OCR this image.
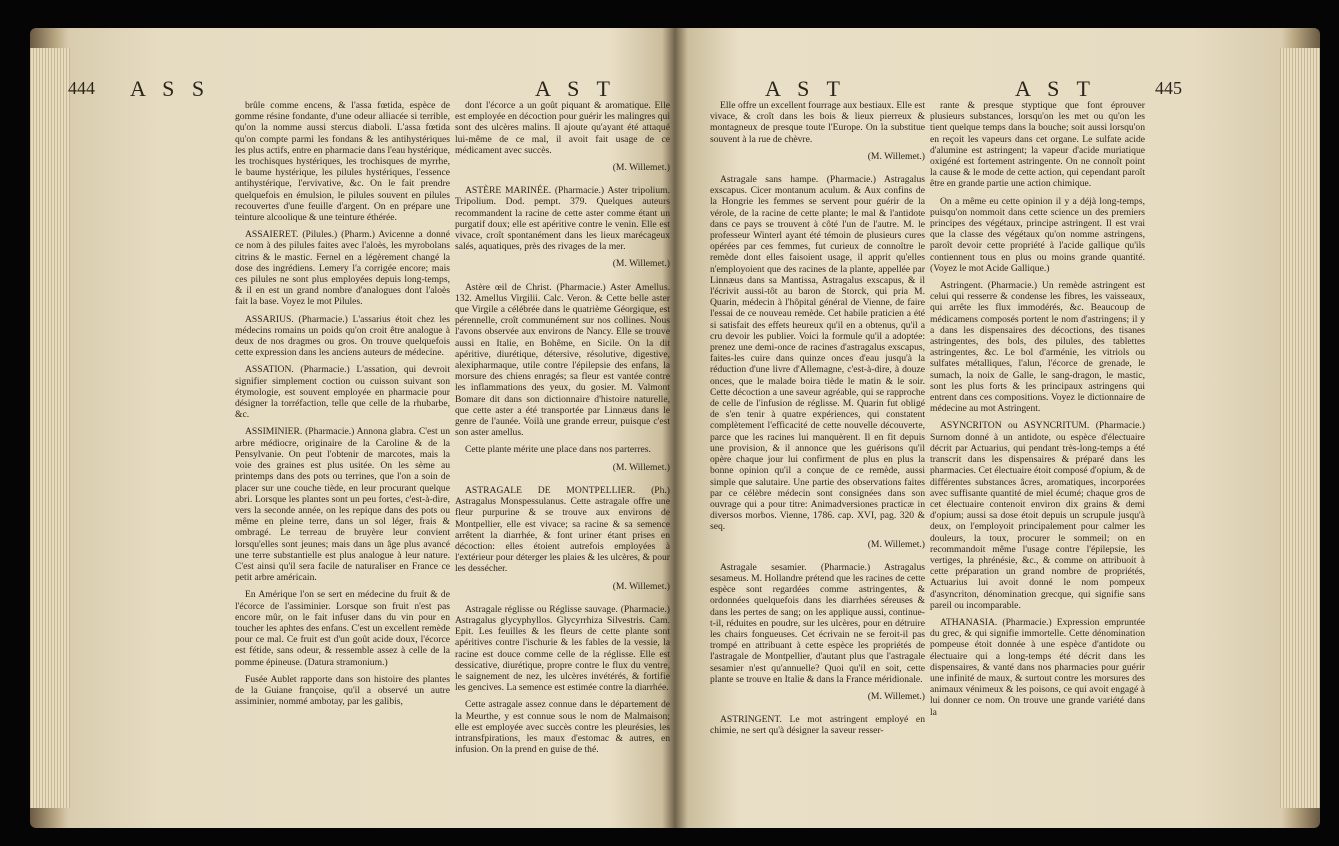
444 A S S	A S T

brûle comme encens, & l'assa fœtida, espèce de gomme résine fondante, d'une odeur alliacée si terrible, qu'on la nomme aussi stercus diaboli. L'assa fœtida qu'on compte parmi les fondans & les antihystériques les plus actifs, entre en pharmacie dans l'eau hystérique, les trochisques hystériques, les trochisques de myrrhe, le baume hystérique, les pilules hystériques, l'essence antihystérique, l'ervivative, &c. On le fait prendre quelquefois en émulsion, le pilules souvent en pilules recouvertes d'une feuille d'argent. On en prépare une teinture alcoolique & une teinture éthérée.

ASSAIERET. (Pilules.) (Pharm.) Avicenne a donné ce nom à des pilules faites avec l'aloès, les myrobolans citrins & le mastic. Fernel en a légèrement changé la dose des ingrédiens. Lemery l'a corrigée encore; mais ces pilules ne sont plus employées depuis long-temps, & il en est un grand nombre d'analogues dont l'aloès fait la base. Voyez le mot Pilules.

ASSARIUS. (Pharmacie.) L'assarius étoit chez les médecins romains un poids qu'on croit être analogue à deux de nos dragmes ou gros. On trouve quelquefois cette expression dans les anciens auteurs de médecine.

ASSATION. (Pharmacie.) L'assation, qui devroit signifier simplement coction ou cuisson suivant son étymologie, est souvent employée en pharmacie pour désigner la torréfaction, telle que celle de la rhubarbe, &c.

ASSIMINIER. (Pharmacie.) Annona glabra. C'est un arbre médiocre, originaire de la Caroline & de la Pensylvanie. On peut l'obtenir de marcotes, mais la voie des graines est plus usitée. On les sème au printemps dans des pots ou terrines, que l'on a soin de placer sur une couche tiède, en leur procurant quelque abri. Lorsque les plantes sont un peu fortes, c'est-à-dire, vers la seconde année, on les repique dans des pots ou même en pleine terre, dans un sol léger, frais & ombragé. Le terreau de bruyère leur convient lorsqu'elles sont jeunes; mais dans un âge plus avancé une terre substantielle est plus analogue à leur nature. C'est ainsi qu'il sera facile de naturaliser en France ce petit arbre américain.

En Amérique l'on se sert en médecine du fruit & de l'écorce de l'assiminier. Lorsque son fruit n'est pas encore mûr, on le fait infuser dans du vin pour en toucher les aphtes des enfans. C'est un excellent remède pour ce mal. Ce fruit est d'un goût acide doux, l'écorce est fétide, sans odeur, & ressemble assez à celle de la pomme épineuse. (Datura stramonium.)

Fusée Aublet rapporte dans son histoire des plantes de la Guiane françoise, qu'il a observé un autre assiminier, nommé ambotay, par les galibis,

dont l'écorce a un goût piquant & aromatique. Elle est employée en décoction pour guérir les malingres qui sont des ulcères malins. Il ajoute qu'ayant été attaqué lui-même de ce mal, il avoit fait usage de ce médicament avec succès.

(M. Willemet.)

ASTÈRE MARINÉE. (Pharmacie.) Aster tripolium. Tripolium. Dod. pempt. 379. Quelques auteurs recommandent la racine de cette aster comme étant un purgatif doux; elle est apéritive contre le venin. Elle est vivace, croît spontanément dans les lieux marécageux salés, aquatiques, près des rivages de la mer.

(M. Willemet.)

Astère œil de Christ. (Pharmacie.) Aster Amellus. 132. Amellus Virgilii. Calc. Veron. & Cette belle aster que Virgile a célébrée dans le quatrième Géorgique, est pérennelle, croît communément sur nos collines. Nous l'avons observée aux environs de Nancy. Elle se trouve aussi en Italie, en Bohême, en Sicile. On la dit apéritive, diurétique, détersive, résolutive, digestive, alexipharmaque, utile contre l'épilepsie des enfans, la morsure des chiens enragés; sa fleur est vantée contre les inflammations des yeux, du gosier. M. Valmont Bomare dit dans son dictionnaire d'histoire naturelle, que cette aster a été transportée par Linnæus dans le genre de l'aunée. Voilà une grande erreur, puisque c'est son aster amellus.

Cette plante mérite une place dans nos parterres.

(M. Willemet.)

ASTRAGALE DE MONTPELLIER. (Ph.) Astragalus Monspessulanus. Cette astragale offre une fleur purpurine & se trouve aux environs de Montpellier, elle est vivace; sa racine & sa semence arrêtent la diarrhée, & font uriner étant prises en décoction: elles étoient autrefois employées à l'extérieur pour déterger les plaies & les ulcères, & pour les dessécher.

(M. Willemet.)

Astragale réglisse ou Réglisse sauvage. (Pharmacie.) Astragalus glycyphyllos. Glycyrrhiza Silvestris. Cam. Epit. Les feuilles & les fleurs de cette plante sont apéritives contre l'ischurie & les fables de la vessie, la racine est douce comme celle de la réglisse. Elle est dessicative, diurétique, propre contre le flux du ventre, le saignement de nez, les ulcères invétérés, & fortifie les gencives. La semence est estimée contre la diarrhée.

Cette astragale assez connue dans le département de la Meurthe, y est connue sous le nom de Malmaison; elle est employée avec succès contre les pleurésies, les intransfpirations, les maux d'estomac & autres, en infusion. On la prend en guise de thé.

A S T	A S T	445

Elle offre un excellent fourrage aux bestiaux. Elle est vivace, & croît dans les bois & lieux pierreux & montagneux de presque toute l'Europe. On la substitue souvent à la rue de chèvre.

(M. Willemet.)

Astragale sans hampe. (Pharmacie.) Astragalus exscapus. Cicer montanum aculum. & Aux confins de la Hongrie les femmes se servent pour guérir de la vérole, de la racine de cette plante; le mal & l'antidote dans ce pays se trouvent à côté l'un de l'autre. M. le professeur Winterl ayant été témoin de plusieurs cures opérées par ces femmes, fut curieux de connoître le remède dont elles faisoient usage, il apprit qu'elles n'employoient que des racines de la plante, appellée par Linnæus dans sa Mantissa, Astragalus exscapus, & il l'écrivit aussi-tôt au baron de Storck, qui pria M. Quarin, médecin à l'hôpital général de Vienne, de faire l'essai de ce nouveau remède. Cet habile praticien a été si satisfait des effets heureux qu'il en a obtenus, qu'il a cru devoir les publier. Voici la formule qu'il a adoptée: prenez une demi-once de racines d'astragalus exscapus, faites-les cuire dans quinze onces d'eau jusqu'à la réduction d'une livre d'Allemagne, c'est-à-dire, à douze onces, que le malade boira tiède le matin & le soir. Cette décoction a une saveur agréable, qui se rapproche de celle de l'infusion de réglisse. M. Quarin fut obligé de s'en tenir à quatre expériences, qui constatent complètement l'efficacité de cette nouvelle découverte, parce que les racines lui manquèrent. Il en fit depuis une provision, & il annonce que les guérisons qu'il opère chaque jour lui confirment de plus en plus la bonne opinion qu'il a conçue de ce remède, aussi simple que salutaire. Une partie des observations faites par ce célèbre médecin sont consignées dans son ouvrage qui a pour titre: Animadversiones practicæ in diversos morbos. Vienne, 1786. cap. XVI, pag. 320 & seq.

(M. Willemet.)

Astragale sesamier. (Pharmacie.) Astragalus sesameus. M. Hollandre prétend que les racines de cette espèce sont regardées comme astringentes, & ordonnées quelquefois dans les diarrhées séreuses & dans les pertes de sang; on les applique aussi, continue-t-il, réduites en poudre, sur les ulcères, pour en détruire les chairs fongueuses. Cet écrivain ne se feroit-il pas trompé en attribuant à cette espèce les propriétés de l'astragale de Montpellier, d'autant plus que l'astragale sesamier n'est qu'annuelle? Quoi qu'il en soit, cette plante se trouve en Italie & dans la France méridionale.

(M. Willemet.)

ASTRINGENT. Le mot astringent employé en chimie, ne sert qu'à désigner la saveur resser-

rante & presque styptique que font éprouver plusieurs substances, lorsqu'on les met ou qu'on les tient quelque temps dans la bouche; soit aussi lorsqu'on en reçoit les vapeurs dans cet organe. Le sulfate acide d'alumine est astringent; la vapeur d'acide muriatique oxigéné est fortement astringente. On ne connoît point la cause & le mode de cette action, qui cependant paroît être en grande partie une action chimique.

On a même eu cette opinion il y a déjà long-temps, puisqu'on nommoit dans cette science un des premiers principes des végétaux, principe astringent. Il est vrai que la classe des végétaux qu'on nomme astringens, paroît devoir cette propriété à l'acide gallique qu'ils contiennent tous en plus ou moins grande quantité. (Voyez le mot Acide Gallique.)

Astringent. (Pharmacie.) Un remède astringent est celui qui resserre & condense les fibres, les vaisseaux, qui arrête les flux immodérés, &c. Beaucoup de médicamens composés portent le nom d'astringens; il y a dans les dispensaires des décoctions, des tisanes astringentes, des bols, des pilules, des tablettes astringentes, &c. Le bol d'arménie, les vitriols ou sulfates métalliques, l'alun, l'écorce de grenade, le sumach, la noix de Galle, le sang-dragon, le mastic, sont les plus forts & les principaux astringens qui entrent dans ces compositions. Voyez le dictionnaire de médecine au mot Astringent.

ASYNCRITON ou ASYNCRITUM. (Pharmacie.) Surnom donné à un antidote, ou espèce d'électuaire décrit par Actuarius, qui pendant très-long-temps a été transcrit dans les dispensaires & préparé dans les pharmacies. Cet électuaire étoit composé d'opium, & de différentes substances âcres, aromatiques, incorporées avec suffisante quantité de miel écumé; chaque gros de cet électuaire contenoit environ dix grains & demi d'opium; aussi sa dose étoit depuis un scrupule jusqu'à deux, on l'employoit principalement pour calmer les douleurs, la toux, procurer le sommeil; on en recommandoit même l'usage contre l'épilepsie, les vertiges, la phrénésie, &c., & comme on attribuoit à cette préparation un grand nombre de propriétés, Actuarius lui avoit donné le nom pompeux d'asyncriton, dénomination grecque, qui signifie sans pareil ou incomparable.

ATHANASIA. (Pharmacie.) Expression empruntée du grec, & qui signifie immortelle. Cette dénomination pompeuse étoit donnée à une espèce d'antidote ou électuaire qui a long-temps été décrit dans les dispensaires, & vanté dans nos pharmacies pour guérir une infinité de maux, & surtout contre les morsures des animaux vénimeux & les poisons, ce qui avoit engagé à lui donner ce nom. On trouve une grande variété dans la
